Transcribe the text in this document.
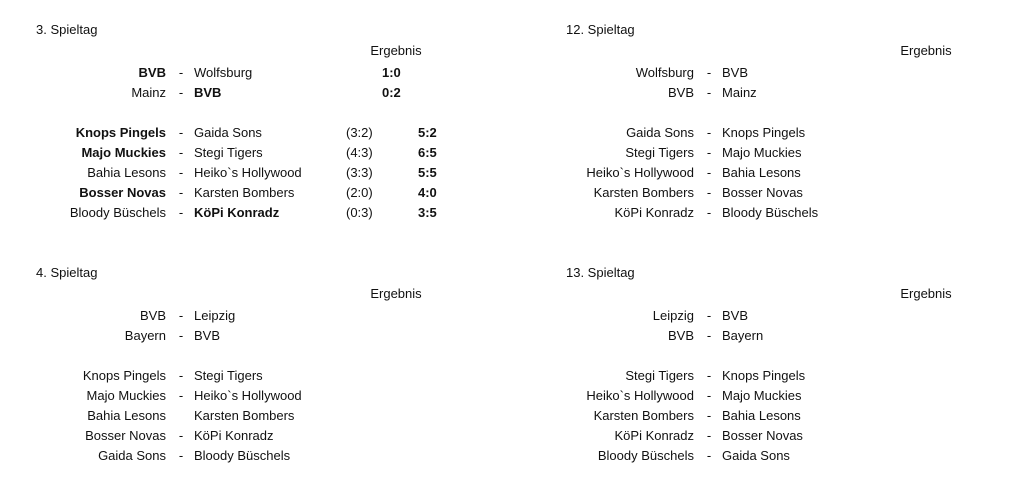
3. Spieltag
Ergebnis
BVB - Wolfsburg	1:0
Mainz - BVB	0:2
Knops Pingels - Gaida Sons	(3:2)	5:2
Majo Muckies - Stegi Tigers	(4:3)	6:5
Bahia Lesons - Heiko`s Hollywood	(3:3)	5:5
Bosser Novas - Karsten Bombers	(2:0)	4:0
Bloody Büschels - KöPi Konradz	(0:3)	3:5
12. Spieltag
Ergebnis
Wolfsburg - BVB
BVB - Mainz
Gaida Sons - Knops Pingels
Stegi Tigers - Majo Muckies
Heiko`s Hollywood - Bahia Lesons
Karsten Bombers - Bosser Novas
KöPi Konradz - Bloody Büschels
4. Spieltag
Ergebnis
BVB - Leipzig
Bayern - BVB
Knops Pingels - Stegi Tigers
Majo Muckies - Heiko`s Hollywood
Bahia Lesons Karsten Bombers
Bosser Novas - KöPi Konradz
Gaida Sons - Bloody Büschels
13. Spieltag
Ergebnis
Leipzig - BVB
BVB - Bayern
Stegi Tigers - Knops Pingels
Heiko`s Hollywood - Majo Muckies
Karsten Bombers - Bahia Lesons
KöPi Konradz - Bosser Novas
Bloody Büschels - Gaida Sons
